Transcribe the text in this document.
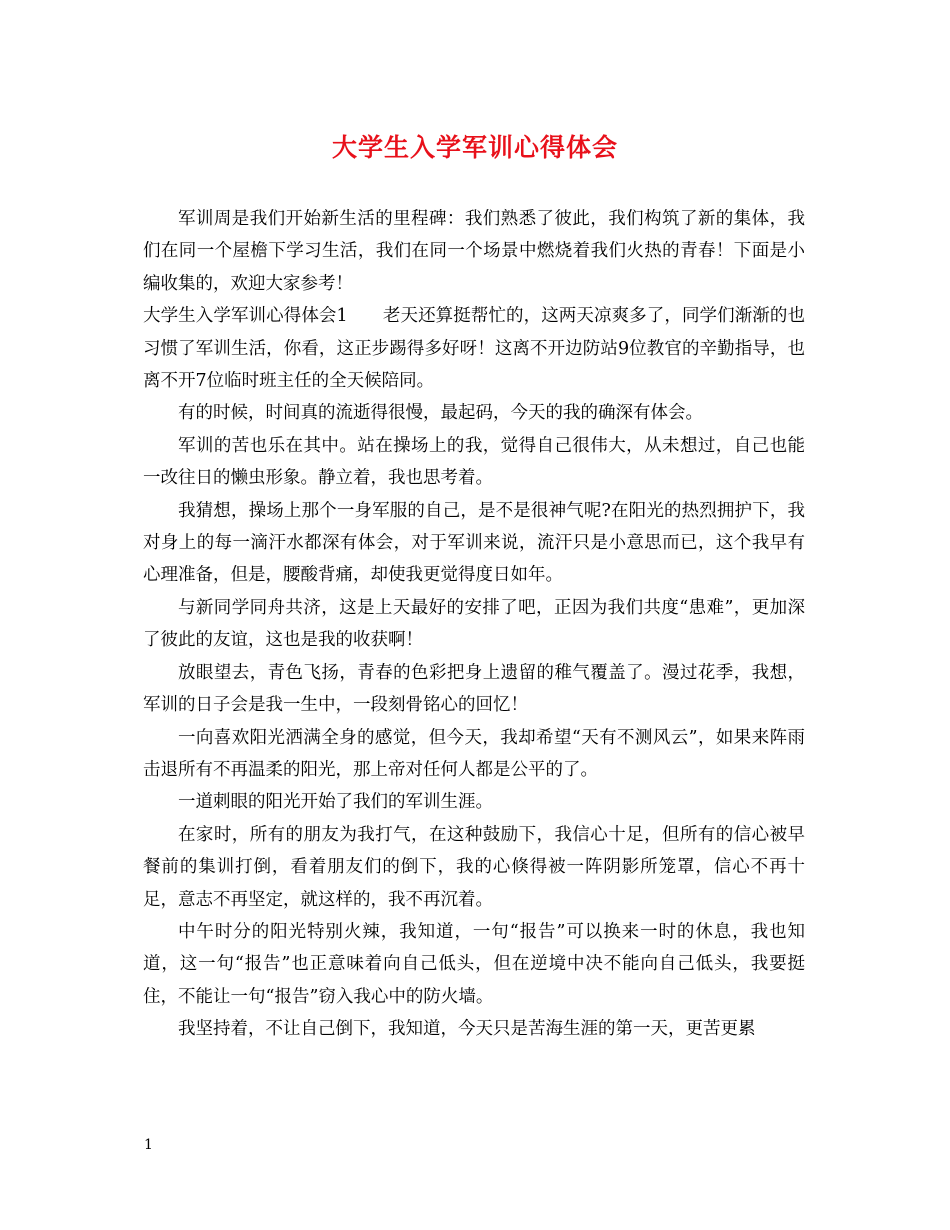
大学生入学军训心得体会

军训周是我们开始新生活的里程碑：我们熟悉了彼此，我们构筑了新的集体，我们在同一个屋檐下学习生活，我们在同一个场景中燃烧着我们火热的青春！下面是小编收集的，欢迎大家参考！

大学生入学军训心得体会1　　老天还算挺帮忙的，这两天凉爽多了，同学们渐渐的也习惯了军训生活，你看，这正步踢得多好呀！这离不开边防站9位教官的辛勤指导，也离不开7位临时班主任的全天候陪同。

有的时候，时间真的流逝得很慢，最起码，今天的我的确深有体会。

军训的苦也乐在其中。站在操场上的我，觉得自己很伟大，从未想过，自己也能一改往日的懒虫形象。静立着，我也思考着。

我猜想，操场上那个一身军服的自己，是不是很神气呢?在阳光的热烈拥护下，我对身上的每一滴汗水都深有体会，对于军训来说，流汗只是小意思而已，这个我早有心理准备，但是，腰酸背痛，却使我更觉得度日如年。

与新同学同舟共济，这是上天最好的安排了吧，正因为我们共度“患难”，更加深了彼此的友谊，这也是我的收获啊！

放眼望去，青色飞扬，青春的色彩把身上遗留的稚气覆盖了。漫过花季，我想，军训的日子会是我一生中，一段刻骨铭心的回忆！

一向喜欢阳光洒满全身的感觉，但今天，我却希望“天有不测风云”，如果来阵雨击退所有不再温柔的阳光，那上帝对任何人都是公平的了。

一道刺眼的阳光开始了我们的军训生涯。

在家时，所有的朋友为我打气，在这种鼓励下，我信心十足，但所有的信心被早餐前的集训打倒，看着朋友们的倒下，我的心倏得被一阵阴影所笼罩，信心不再十足，意志不再坚定，就这样的，我不再沉着。

中午时分的阳光特别火辣，我知道，一句“报告”可以换来一时的休息，我也知道，这一句“报告”也正意味着向自己低头，但在逆境中决不能向自己低头，我要挺住，不能让一句“报告”窃入我心中的防火墙。

我坚持着，不让自己倒下，我知道，今天只是苦海生涯的第一天，更苦更累

1
